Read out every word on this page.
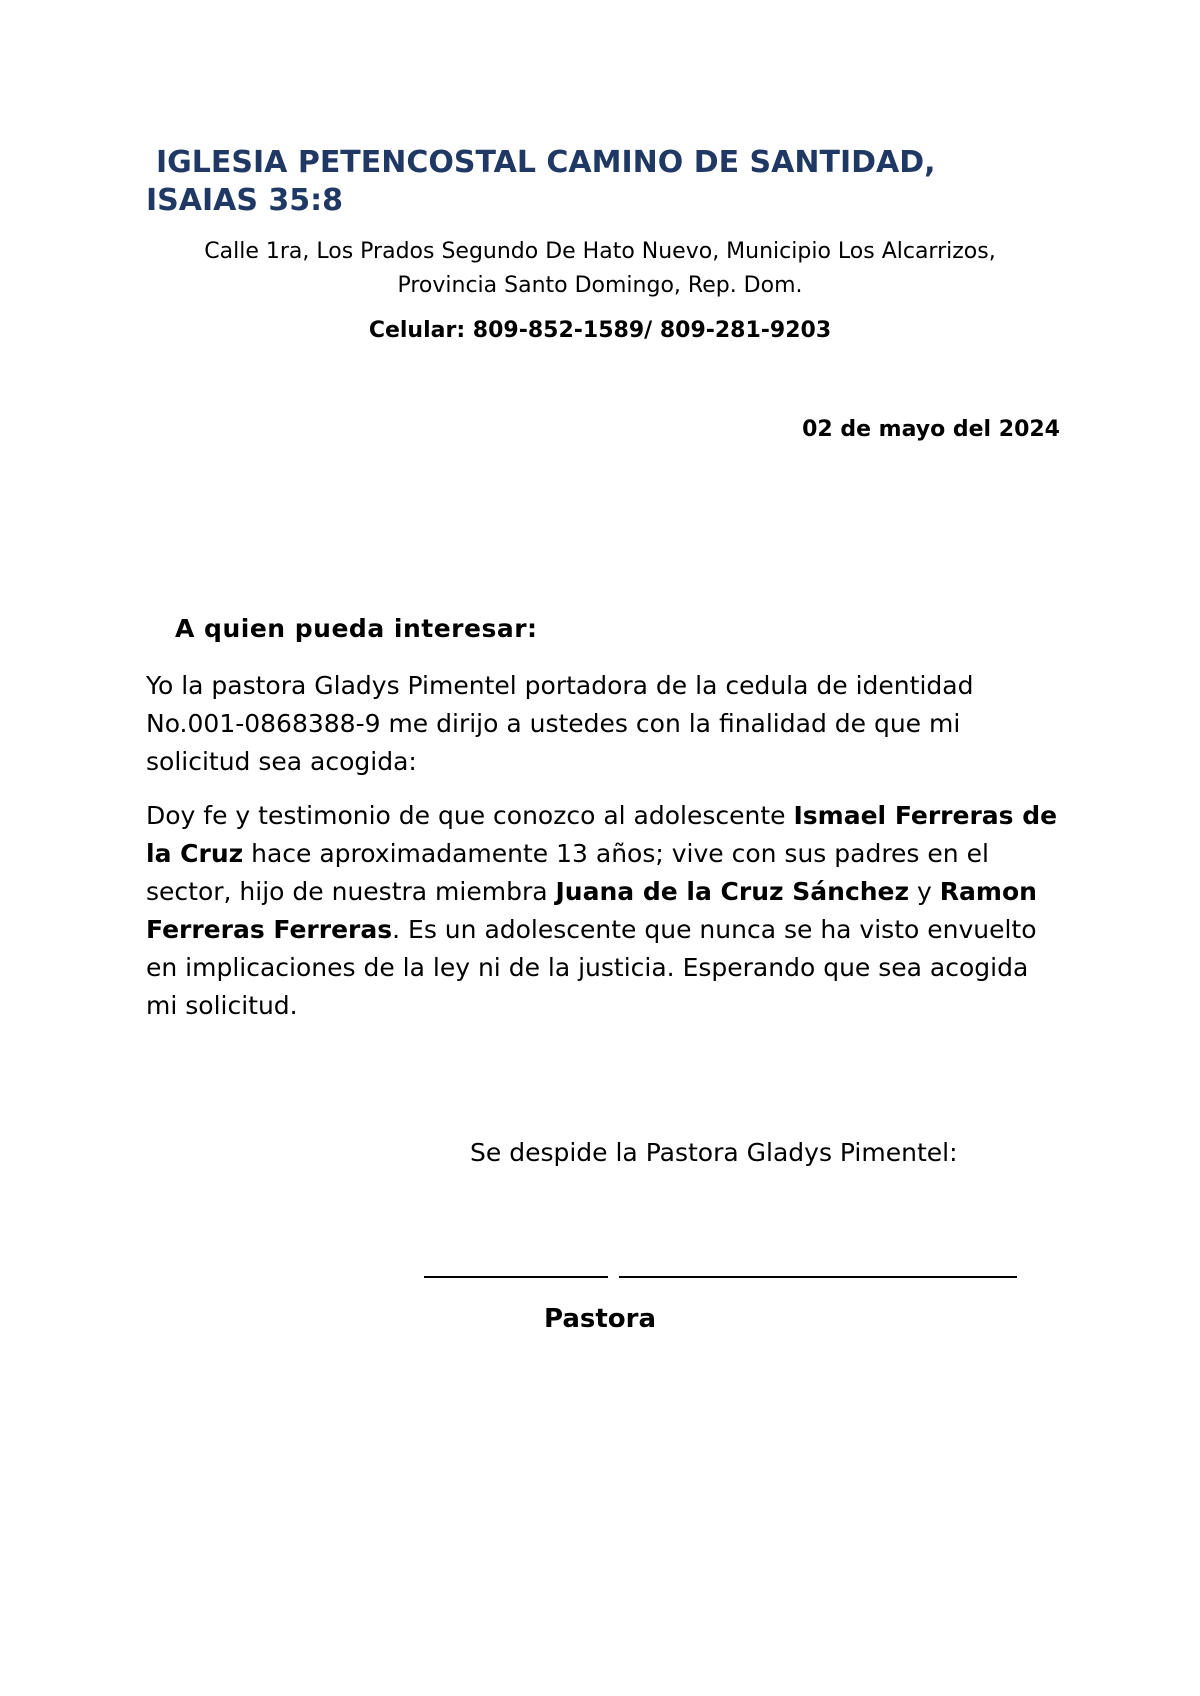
IGLESIA PETENCOSTAL CAMINO DE SANTIDAD,
ISAIAS 35:8

Calle 1ra, Los Prados Segundo De Hato Nuevo, Municipio Los Alcarrizos,
Provincia Santo Domingo, Rep. Dom.

Celular: 809-852-1589/ 809-281-9203

02 de mayo del 2024

A quien pueda interesar:

Yo la pastora Gladys Pimentel portadora de la cedula de identidad No.001-0868388-9 me dirijo a ustedes con la finalidad de que mi solicitud sea acogida:

Doy fe y testimonio de que conozco al adolescente Ismael Ferreras de la Cruz hace aproximadamente 13 años; vive con sus padres en el sector, hijo de nuestra miembra Juana de la Cruz Sánchez y Ramon Ferreras Ferreras. Es un adolescente que nunca se ha visto envuelto en implicaciones de la ley ni de la justicia. Esperando que sea acogida mi solicitud.

Se despide la Pastora Gladys Pimentel:

Pastora
